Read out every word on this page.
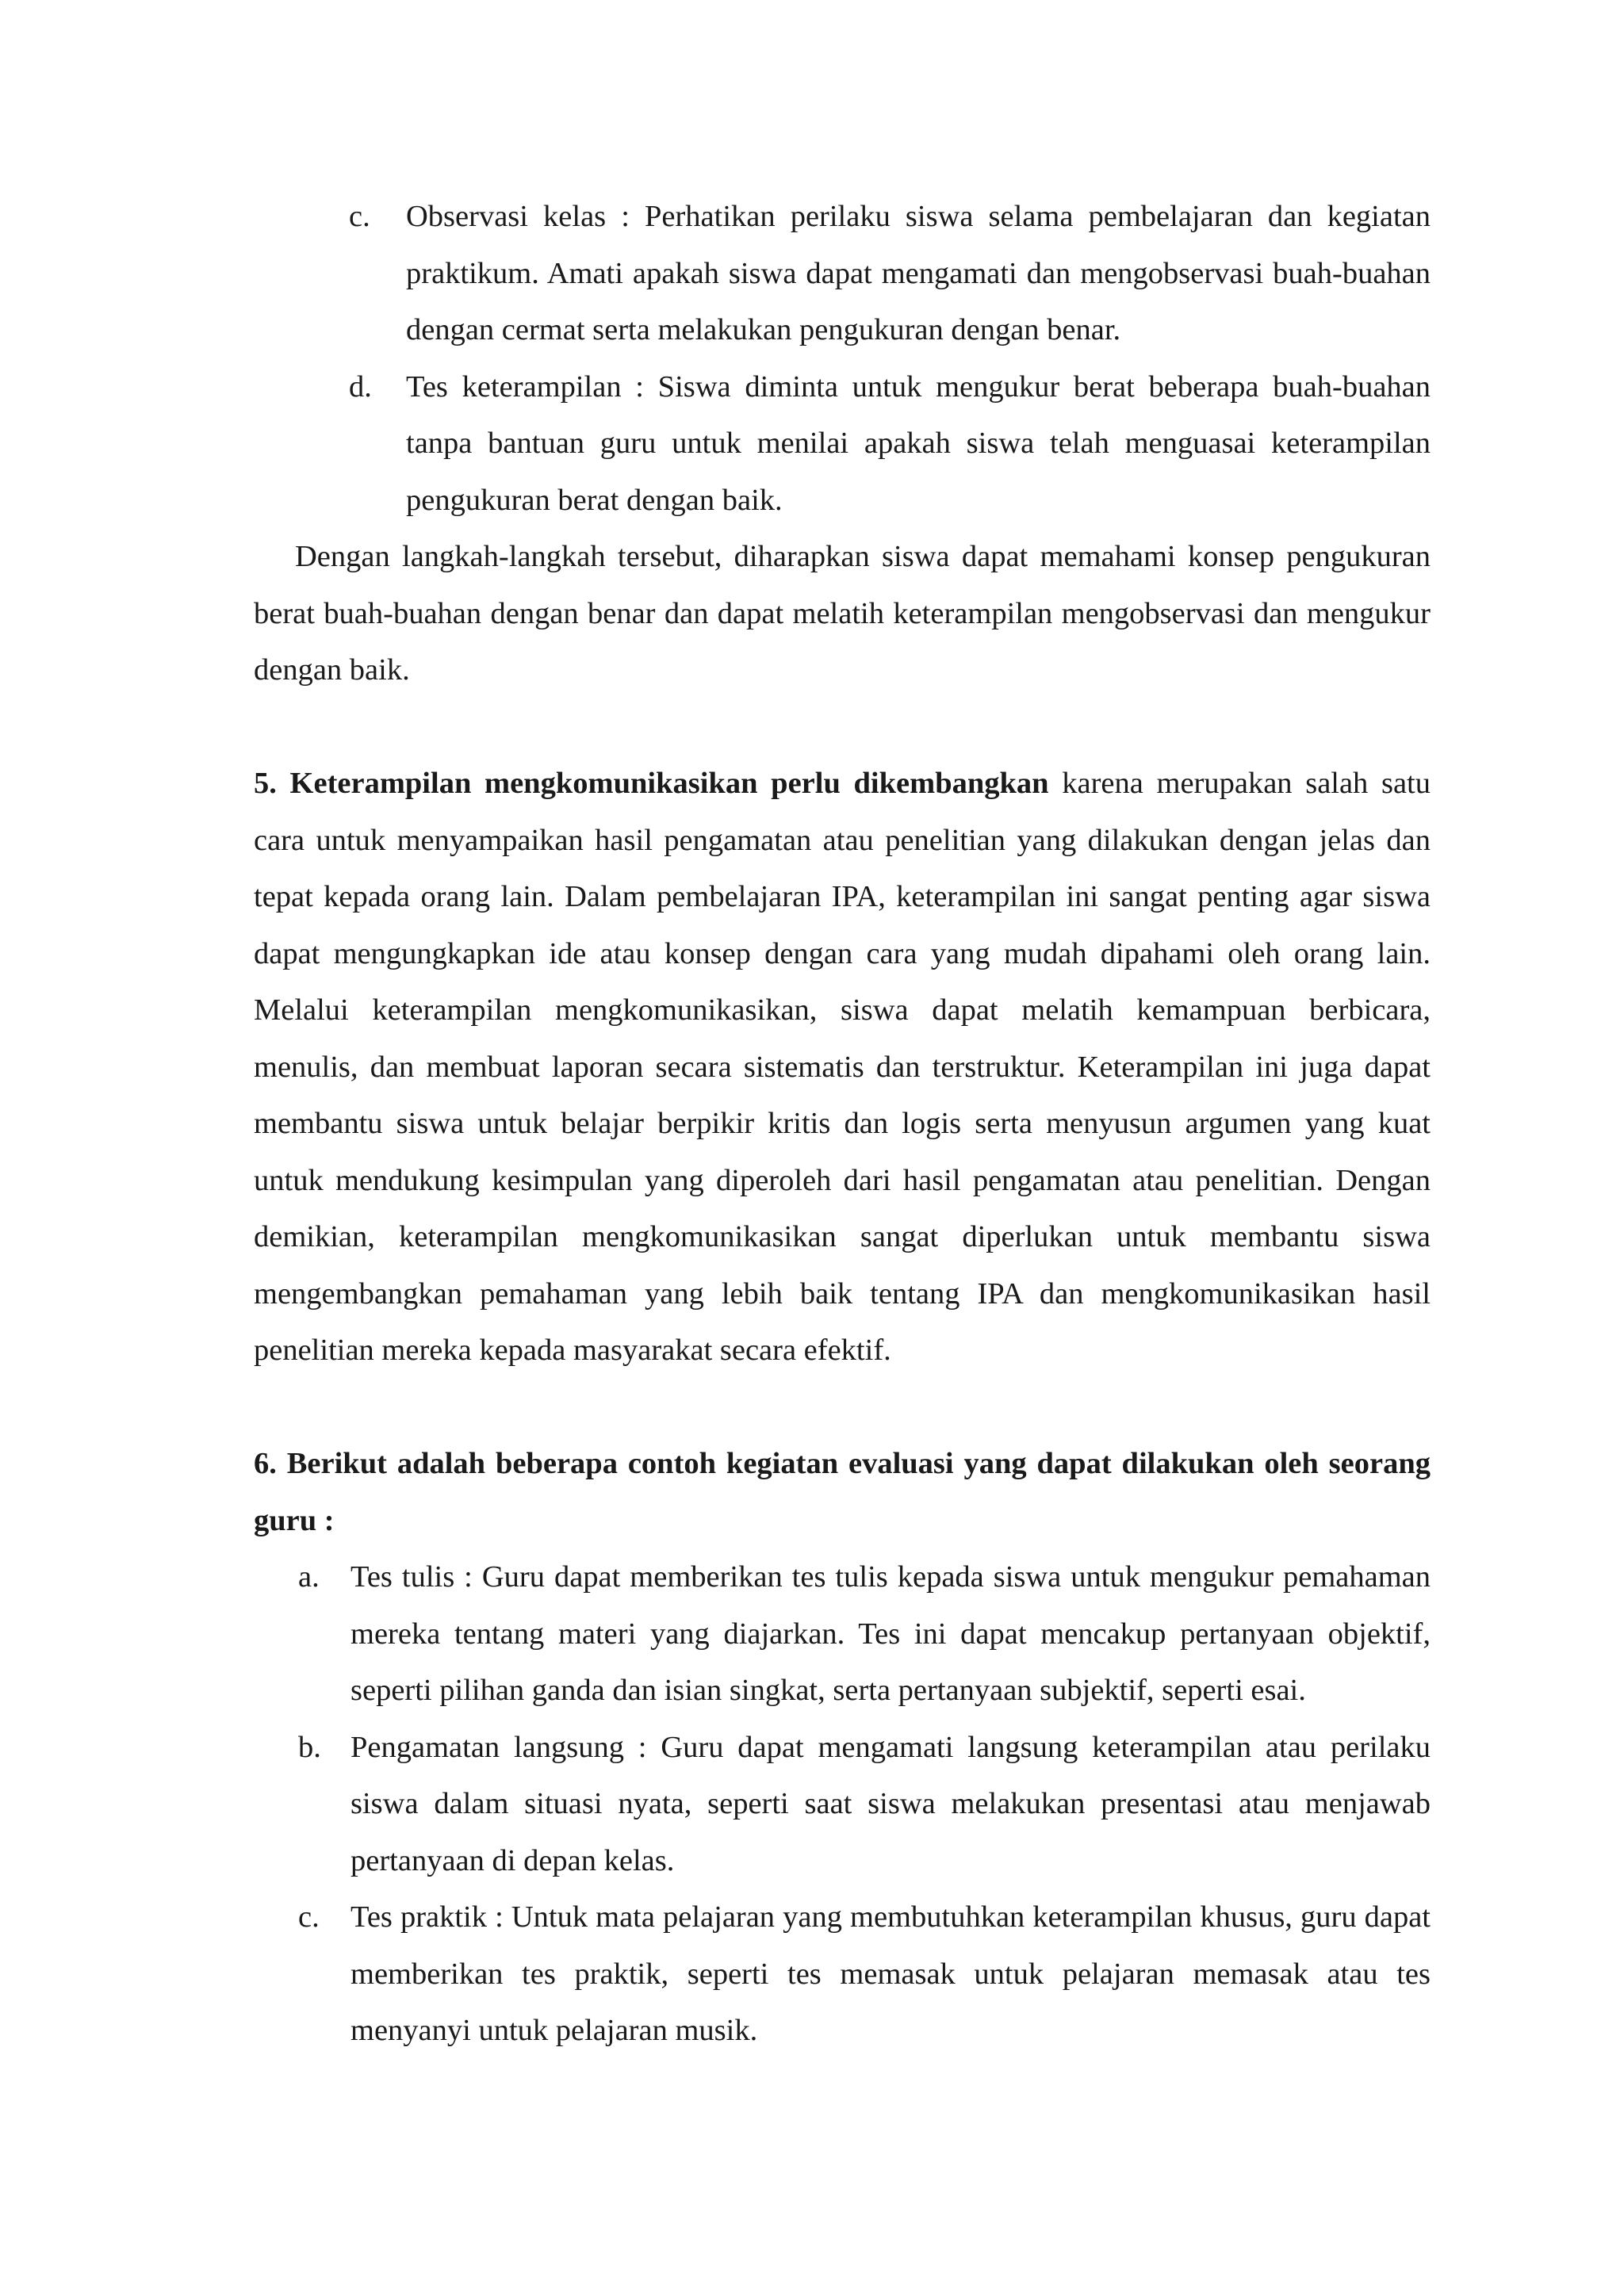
c. Observasi kelas : Perhatikan perilaku siswa selama pembelajaran dan kegiatan praktikum. Amati apakah siswa dapat mengamati dan mengobservasi buah-buahan dengan cermat serta melakukan pengukuran dengan benar.
d. Tes keterampilan : Siswa diminta untuk mengukur berat beberapa buah-buahan tanpa bantuan guru untuk menilai apakah siswa telah menguasai keterampilan pengukuran berat dengan baik.

Dengan langkah-langkah tersebut, diharapkan siswa dapat memahami konsep pengukuran berat buah-buahan dengan benar dan dapat melatih keterampilan mengobservasi dan mengukur dengan baik.

5. Keterampilan mengkomunikasikan perlu dikembangkan karena merupakan salah satu cara untuk menyampaikan hasil pengamatan atau penelitian yang dilakukan dengan jelas dan tepat kepada orang lain. Dalam pembelajaran IPA, keterampilan ini sangat penting agar siswa dapat mengungkapkan ide atau konsep dengan cara yang mudah dipahami oleh orang lain. Melalui keterampilan mengkomunikasikan, siswa dapat melatih kemampuan berbicara, menulis, dan membuat laporan secara sistematis dan terstruktur. Keterampilan ini juga dapat membantu siswa untuk belajar berpikir kritis dan logis serta menyusun argumen yang kuat untuk mendukung kesimpulan yang diperoleh dari hasil pengamatan atau penelitian. Dengan demikian, keterampilan mengkomunikasikan sangat diperlukan untuk membantu siswa mengembangkan pemahaman yang lebih baik tentang IPA dan mengkomunikasikan hasil penelitian mereka kepada masyarakat secara efektif.

6. Berikut adalah beberapa contoh kegiatan evaluasi yang dapat dilakukan oleh seorang guru :

a. Tes tulis : Guru dapat memberikan tes tulis kepada siswa untuk mengukur pemahaman mereka tentang materi yang diajarkan. Tes ini dapat mencakup pertanyaan objektif, seperti pilihan ganda dan isian singkat, serta pertanyaan subjektif, seperti esai.
b. Pengamatan langsung : Guru dapat mengamati langsung keterampilan atau perilaku siswa dalam situasi nyata, seperti saat siswa melakukan presentasi atau menjawab pertanyaan di depan kelas.
c. Tes praktik : Untuk mata pelajaran yang membutuhkan keterampilan khusus, guru dapat memberikan tes praktik, seperti tes memasak untuk pelajaran memasak atau tes menyanyi untuk pelajaran musik.
